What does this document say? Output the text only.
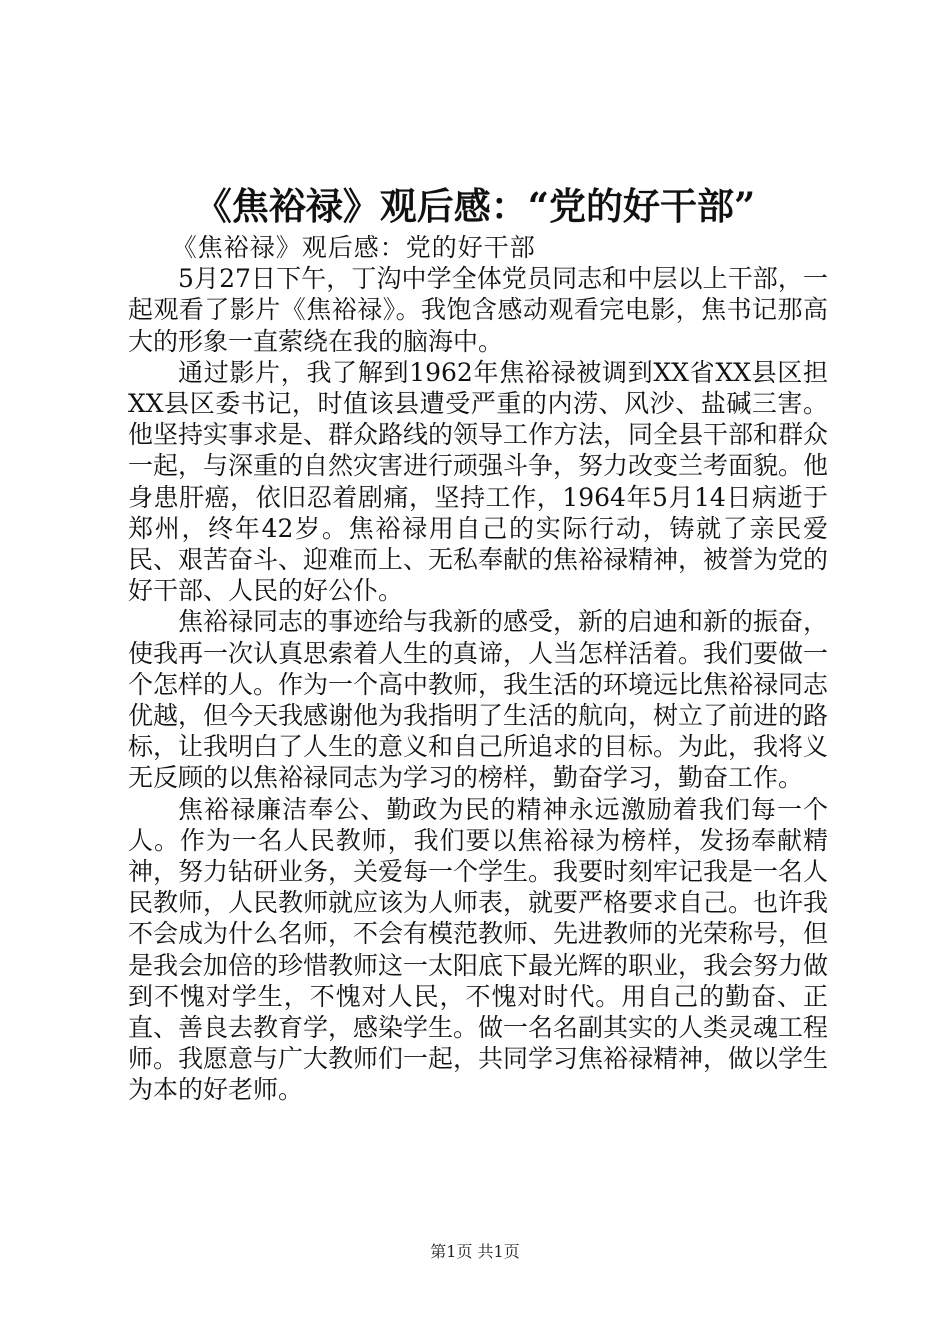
《焦裕禄》观后感：“党的好干部”

《焦裕禄》观后感：党的好干部

5月27日下午，丁沟中学全体党员同志和中层以上干部，一起观看了影片《焦裕禄》。我饱含感动观看完电影，焦书记那高大的形象一直萦绕在我的脑海中。

通过影片，我了解到1962年焦裕禄被调到XX省XX县区担XX县区委书记，时值该县遭受严重的内涝、风沙、盐碱三害。他坚持实事求是、群众路线的领导工作方法，同全县干部和群众一起，与深重的自然灾害进行顽强斗争，努力改变兰考面貌。他身患肝癌，依旧忍着剧痛，坚持工作，1964年5月14日病逝于郑州，终年42岁。焦裕禄用自己的实际行动，铸就了亲民爱民、艰苦奋斗、迎难而上、无私奉献的焦裕禄精神，被誉为党的好干部、人民的好公仆。

焦裕禄同志的事迹给与我新的感受，新的启迪和新的振奋，使我再一次认真思索着人生的真谛，人当怎样活着。我们要做一个怎样的人。作为一个高中教师，我生活的环境远比焦裕禄同志优越，但今天我感谢他为我指明了生活的航向，树立了前进的路标，让我明白了人生的意义和自己所追求的目标。为此，我将义无反顾的以焦裕禄同志为学习的榜样，勤奋学习，勤奋工作。

焦裕禄廉洁奉公、勤政为民的精神永远激励着我们每一个人。作为一名人民教师，我们要以焦裕禄为榜样，发扬奉献精神，努力钻研业务，关爱每一个学生。我要时刻牢记我是一名人民教师，人民教师就应该为人师表，就要严格要求自己。也许我不会成为什么名师，不会有模范教师、先进教师的光荣称号，但是我会加倍的珍惜教师这一太阳底下最光辉的职业，我会努力做到不愧对学生，不愧对人民，不愧对时代。用自己的勤奋、正直、善良去教育学，感染学生。做一名名副其实的人类灵魂工程师。我愿意与广大教师们一起，共同学习焦裕禄精神，做以学生为本的好老师。

第1页 共1页
